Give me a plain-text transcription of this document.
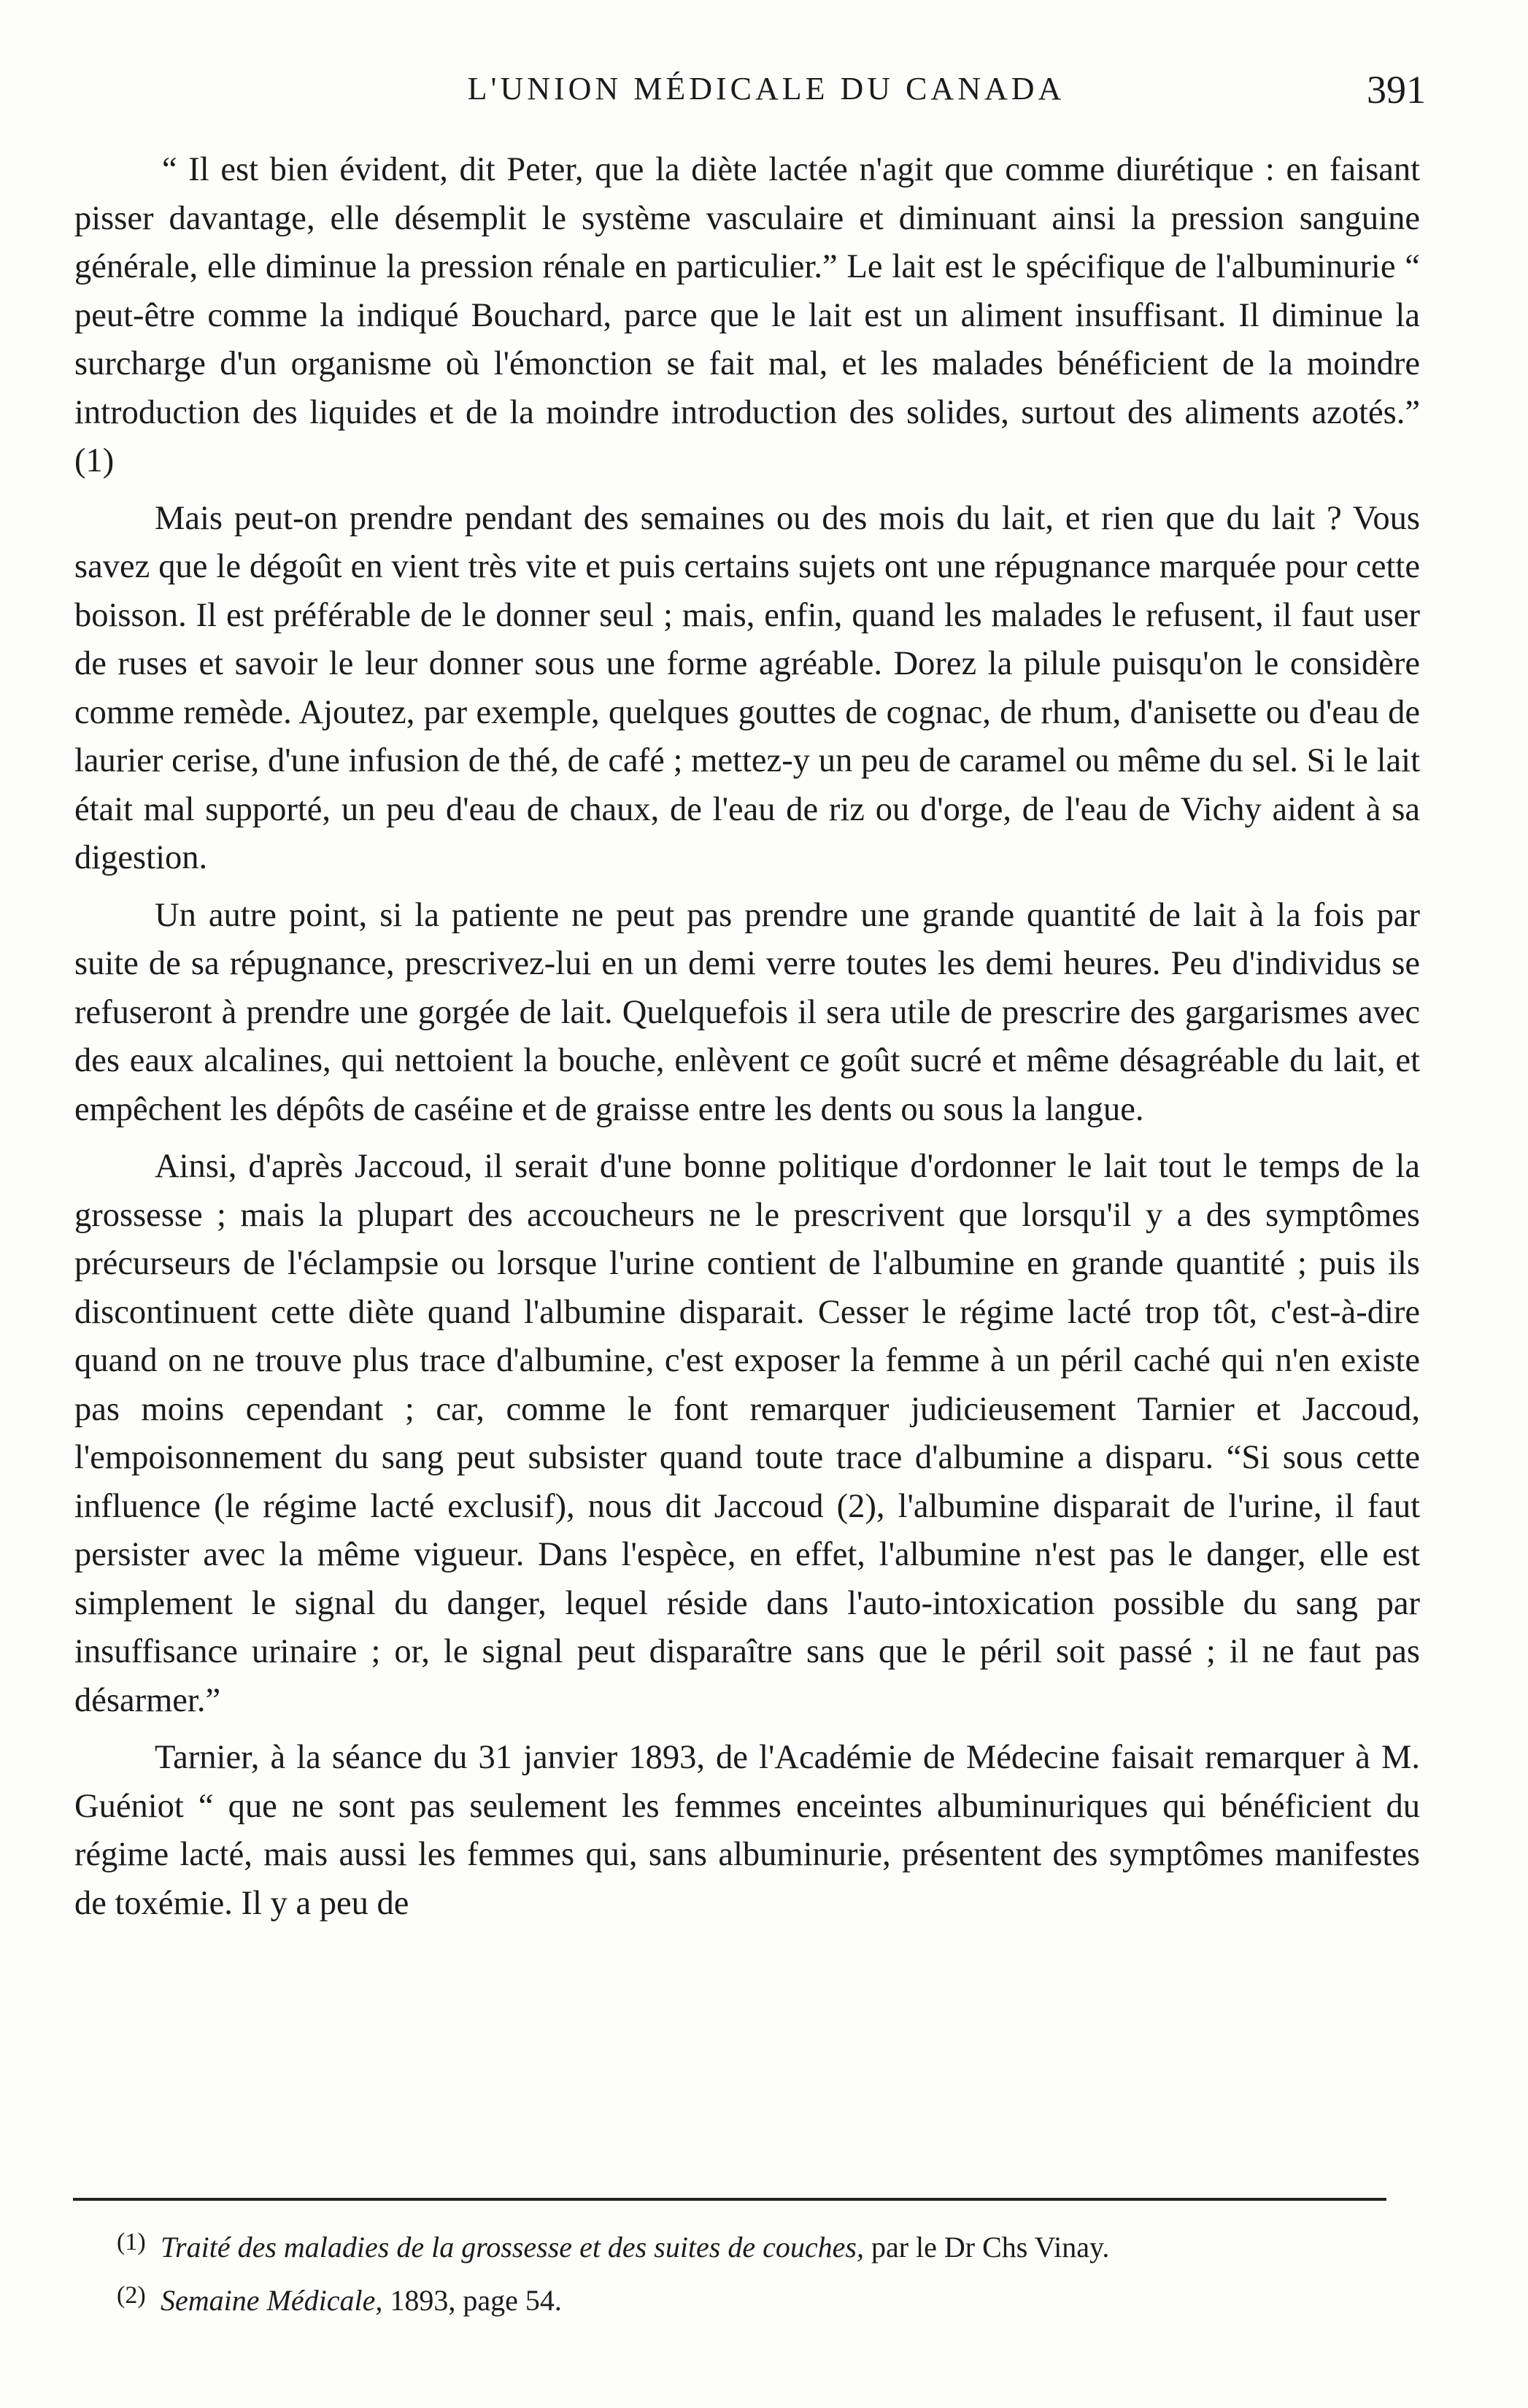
L'UNION MÉDICALE DU CANADA	391

“ Il est bien évident, dit Peter, que la diète lactée n'agit que comme diurétique : en faisant pisser davantage, elle désemplit le système vasculaire et diminuant ainsi la pression sanguine générale, elle diminue la pression rénale en particulier.” Le lait est le spécifique de l'albuminurie “ peut-être comme la indiqué Bouchard, parce que le lait est un aliment insuffisant. Il diminue la surcharge d'un organisme où l'émonction se fait mal, et les malades bénéficient de la moindre introduction des liquides et de la moindre introduction des solides, surtout des aliments azotés.” (1)

Mais peut-on prendre pendant des semaines ou des mois du lait, et rien que du lait ? Vous savez que le dégoût en vient très vite et puis certains sujets ont une répugnance marquée pour cette boisson. Il est préférable de le donner seul ; mais, enfin, quand les malades le refusent, il faut user de ruses et savoir le leur donner sous une forme agréable. Dorez la pilule puisqu'on le considère comme remède. Ajoutez, par exemple, quelques gouttes de cognac, de rhum, d'anisette ou d'eau de laurier cerise, d'une infusion de thé, de café ; mettez-y un peu de caramel ou même du sel. Si le lait était mal supporté, un peu d'eau de chaux, de l'eau de riz ou d'orge, de l'eau de Vichy aident à sa digestion.

Un autre point, si la patiente ne peut pas prendre une grande quantité de lait à la fois par suite de sa répugnance, prescrivez-lui en un demi verre toutes les demi heures. Peu d'individus se refuseront à prendre une gorgée de lait. Quelquefois il sera utile de prescrire des gargarismes avec des eaux alcalines, qui nettoient la bouche, enlèvent ce goût sucré et même désagréable du lait, et empêchent les dépôts de caséine et de graisse entre les dents ou sous la langue.

Ainsi, d'après Jaccoud, il serait d'une bonne politique d'ordonner le lait tout le temps de la grossesse ; mais la plupart des accoucheurs ne le prescrivent que lorsqu'il y a des symptômes précurseurs de l'éclampsie ou lorsque l'urine contient de l'albumine en grande quantité ; puis ils discontinuent cette diète quand l'albumine disparait. Cesser le régime lacté trop tôt, c'est-à-dire quand on ne trouve plus trace d'albumine, c'est exposer la femme à un péril caché qui n'en existe pas moins cependant ; car, comme le font remarquer judicieusement Tarnier et Jaccoud, l'empoisonnement du sang peut subsister quand toute trace d'albumine a disparu. “Si sous cette influence (le régime lacté exclusif), nous dit Jaccoud (2), l'albumine disparait de l'urine, il faut persister avec la même vigueur. Dans l'espèce, en effet, l'albumine n'est pas le danger, elle est simplement le signal du danger, lequel réside dans l'auto-intoxication possible du sang par insuffisance urinaire ; or, le signal peut disparaître sans que le péril soit passé ; il ne faut pas désarmer.”

Tarnier, à la séance du 31 janvier 1893, de l'Académie de Médecine faisait remarquer à M. Guéniot “ que ne sont pas seulement les femmes enceintes albuminuriques qui bénéficient du régime lacté, mais aussi les femmes qui, sans albuminurie, présentent des symptômes manifestes de toxémie. Il y a peu de

(1) Traité des maladies de la grossesse et des suites de couches, par le Dr Chs Vinay.

(2) Semaine Médicale, 1893, page 54.
